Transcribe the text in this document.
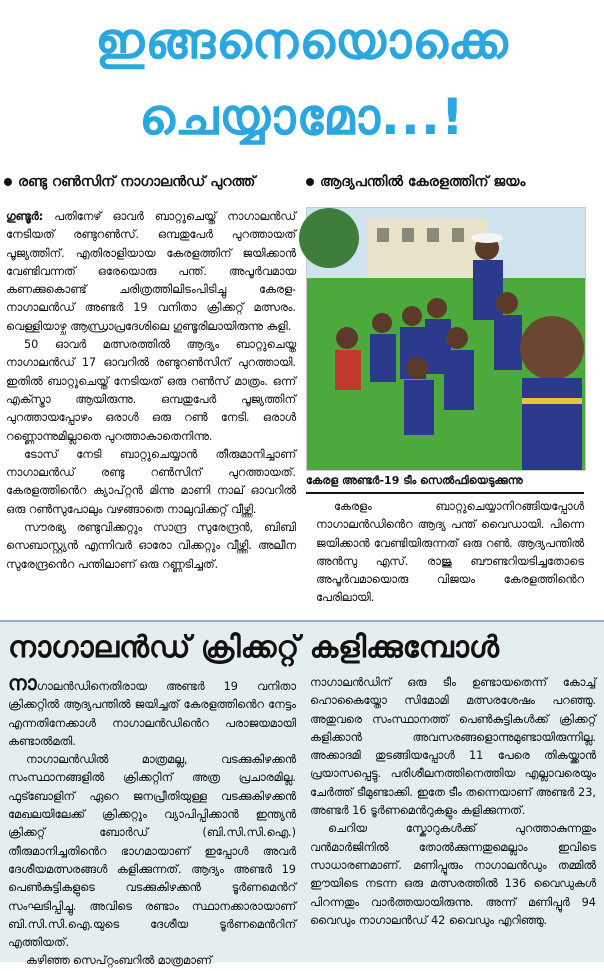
ഇങ്ങനെയൊക്കെ
ചെയ്യാമോ...!
രണ്ടു റൺസിന് നാഗാലൻഡ് പുറത്ത്	ആദ്യപന്തിൽ കേരളത്തിന് ജയം

ഗുണ്ടൂർ: പതിനേഴ് ഓവർ ബാറ്റുചെയ്ത് നാഗാലൻഡ് നേടിയത് രണ്ടുറൺസ്. ഒമ്പതുപേർ പുറത്തായത് പൂജ്യത്തിന്. എതിരാളിയായ കേരളത്തിന് ജയിക്കാൻ വേണ്ടിവന്നത് ഒരേയൊരു പന്ത്. അപൂർവമായ കണക്കുകൊണ്ട് ചരിത്രത്തിലിടംപിടിച്ചു കേരള-നാഗാലൻഡ് അണ്ടർ 19 വനിതാ ക്രിക്കറ്റ് മത്സരം. വെള്ളിയാഴ്ച ആന്ധ്രാപ്രദേശിലെ ഗുണ്ടൂരിലായിരുന്നു കളി.

50 ഓവർ മത്സരത്തിൽ ആദ്യം ബാറ്റുചെയ്ത നാഗാലൻഡ് 17 ഓവറിൽ രണ്ടുറൺസിന് പുറത്തായി. ഇതിൽ ബാറ്റുചെയ്ത് നേടിയത് ഒരു റൺസ് മാത്രം. ഒന്ന് എക്സ്ട്രാ ആയിരുന്നു. ഒമ്പതുപേർ പൂജ്യത്തിന് പുറത്തായപ്പോഴം ഒരാൾ ഒരു റൺ നേടി. ഒരാൾ റണ്ണൊന്നുമില്ലാതെ പുറത്താകാതെനിന്നു.

ടോസ് നേടി ബാറ്റുചെയ്യാൻ തീരുമാനിച്ചാണ് നാഗാലൻഡ് രണ്ടു റൺസിന് പുറത്തായത്. കേരളത്തിൻെറ ക്യാപ്റ്റൻ മിന്നു മാണി നാല് ഓവറിൽ ഒരു റൺസുപോലും വഴങ്ങാതെ നാലുവിക്കറ്റ് വീഴ്ത്തി.

സൗരഭ്യ രണ്ടുവിക്കറ്റും സാന്ദ്ര സുരേന്ദ്രൻ, ബിബി സെബാസ്റ്റ്യൻ എന്നിവർ ഓരോ വിക്കറ്റും വീഴ്ത്തി. അലീന സുരേന്ദ്രൻെറ പന്തിലാണ് ഒരു റണ്ണടിച്ചത്.

കേരള അണ്ടർ-19 ടീം സെൽഫിയെടുക്കുന്നു

കേരളം ബാറ്റുചെയ്യാനിറങ്ങിയപ്പോൾ നാഗാലൻഡിൻെറ ആദ്യ പന്ത് വൈഡായി. പിന്നെ ജയിക്കാൻ വേണ്ടിയിരുന്നത് ഒരു റൺ. ആദ്യപന്തിൽ അൻസു എസ്. രാജു ബൗണ്ടറിയടിച്ചതോടെ അപൂർവമായൊരു വിജയം കേരളത്തിൻെറ പേരിലായി.

നാഗാലൻഡ് ക്രിക്കറ്റ് കളിക്കുമ്പോൾ

നാഗാലൻഡിനെതിരായ അണ്ടർ 19 വനിതാ ക്രിക്കറ്റിൽ ആദ്യപന്തിൽ ജയിച്ചത് കേരളത്തിൻെറ നേട്ടം എന്നതിനേക്കാൾ നാഗാലൻഡിൻെറ പരാജയമായി കണ്ടാൽമതി.

നാഗാലൻഡിൽ മാത്രമല്ല, വടക്കുകിഴക്കൻ സംസ്ഥാനങ്ങളിൽ ക്രിക്കറ്റിന് അത്ര പ്രചാരമില്ല. ഫുട്ബോളിന് ഏറെ ജനപ്രീതിയുള്ള വടക്കുകിഴക്കൻ മേഖലയിലേക്ക് ക്രിക്കറ്റും വ്യാപിപ്പിക്കാൻ ഇന്ത്യൻ ക്രിക്കറ്റ് ബോർഡ് (ബി.സി.സി.ഐ.) തീരുമാനിച്ചതിൻെറ ഭാഗമായാണ് ഇപ്പോൾ അവർ ദേശീയമത്സരങ്ങൾ കളിക്കുന്നത്. ആദ്യം അണ്ടർ 19 പെൺകുട്ടികളുടെ വടക്കുകിഴക്കൻ ടൂർണമെൻറ് സംഘടിപ്പിച്ചു. അവിടെ രണ്ടാം സ്ഥാനക്കാരായാണ് ബി.സി.സി.ഐ.യുടെ ദേശീയ ടൂർണമെൻറിന് എത്തിയത്.

കഴിഞ്ഞ സെപ്റ്റംബറിൽ മാത്രമാണ്

നാഗാലൻഡിന് ഒരു ടീം ഉണ്ടായതെന്ന് കോച്ച് ഹൊകൈയ്തോ സിമോമി മത്സരശേഷം പറഞ്ഞു. അതുവരെ സംസ്ഥാനത്ത് പെൺകുട്ടികൾക്ക് ക്രിക്കറ്റ് കളിക്കാൻ അവസരങ്ങളൊന്നുമുണ്ടായിരുന്നില്ല. അക്കാദമി തുടങ്ങിയപ്പോൾ 11 പേരെ തികയ്ക്കാൻ പ്രയാസപ്പെട്ടു. പരിശീലനത്തിനെത്തിയ എല്ലാവരെയും ചേർത്ത് ടീമുണ്ടാക്കി. ഇതേ ടീം തന്നെയാണ് അണ്ടർ 23, അണ്ടർ 16 ടൂർണമെൻറുകളും കളിക്കുന്നത്.

ചെറിയ സ്കോറുകൾക്ക് പുറത്താകുന്നതും വൻമാർജിനിൽ തോൽക്കുന്നതുമെല്ലാം ഇവിടെ സാധാരണമാണ്. മണിപ്പൂരും നാഗാലൻഡും തമ്മിൽ ഈയിടെ നടന്ന ഒരു മത്സരത്തിൽ 136 വൈഡുകൾ പിറന്നതും വാർത്തയായിരുന്നു. അന്ന് മണിപ്പൂർ 94 വൈഡും നാഗാലൻഡ് 42 വൈഡും എറിഞ്ഞു.
